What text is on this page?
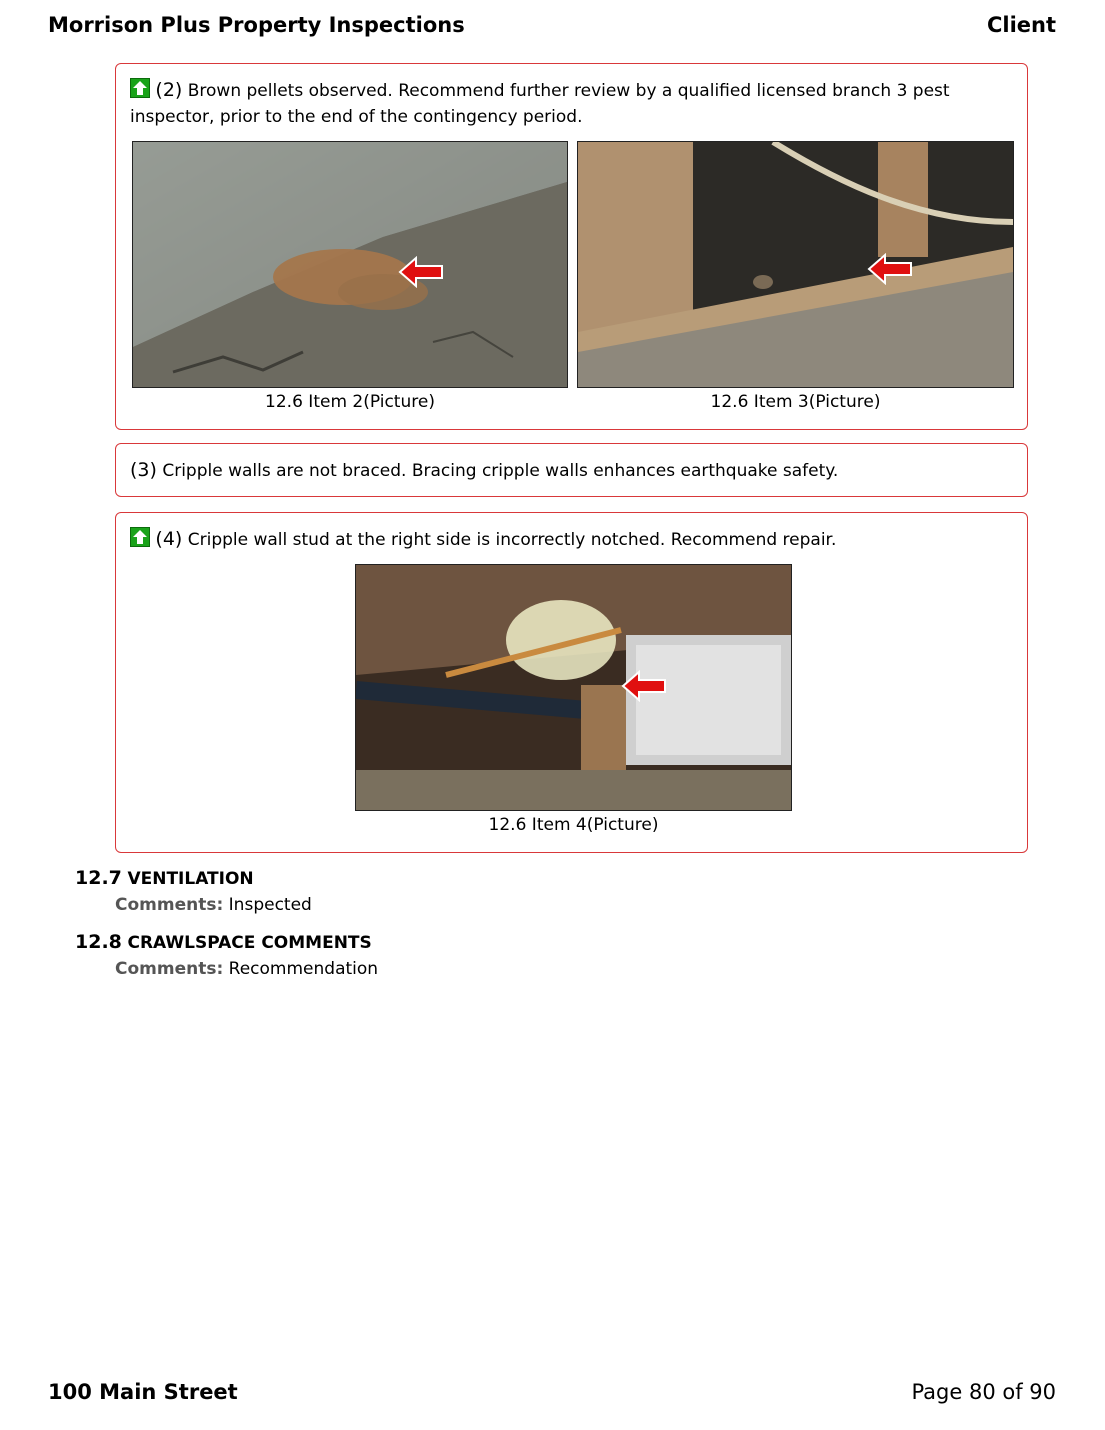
Morrison Plus Property Inspections	Client
(2) Brown pellets observed. Recommend further review by a qualified licensed branch 3 pest inspector, prior to the end of the contingency period.
12.6 Item 2(Picture)	12.6 Item 3(Picture)
(3) Cripple walls are not braced. Bracing cripple walls enhances earthquake safety.
(4) Cripple wall stud at the right side is incorrectly notched. Recommend repair.
12.6 Item 4(Picture)
12.7 VENTILATION
Comments: Inspected
12.8 CRAWLSPACE COMMENTS
Comments: Recommendation
100 Main Street	Page 80 of 90
